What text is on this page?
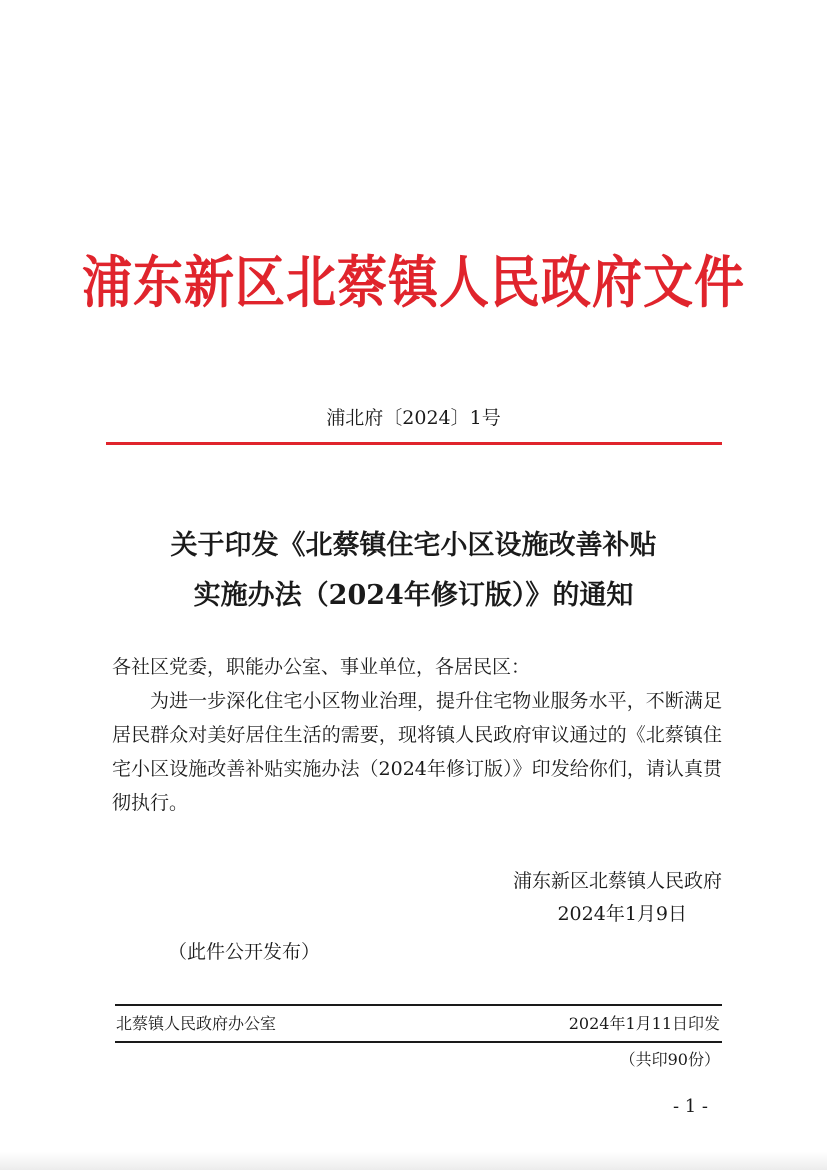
浦东新区北蔡镇人民政府文件
浦北府〔2024〕1号
关于印发《北蔡镇住宅小区设施改善补贴
实施办法（2024年修订版）》的通知
各社区党委，职能办公室、事业单位，各居民区：
为进一步深化住宅小区物业治理，提升住宅物业服务水平，不断满足居民群众对美好居住生活的需要，现将镇人民政府审议通过的《北蔡镇住宅小区设施改善补贴实施办法（2024年修订版）》印发给你们，请认真贯彻执行。
浦东新区北蔡镇人民政府
2024年1月9日
（此件公开发布）
北蔡镇人民政府办公室	2024年1月11日印发
（共印90份）
- 1 -
